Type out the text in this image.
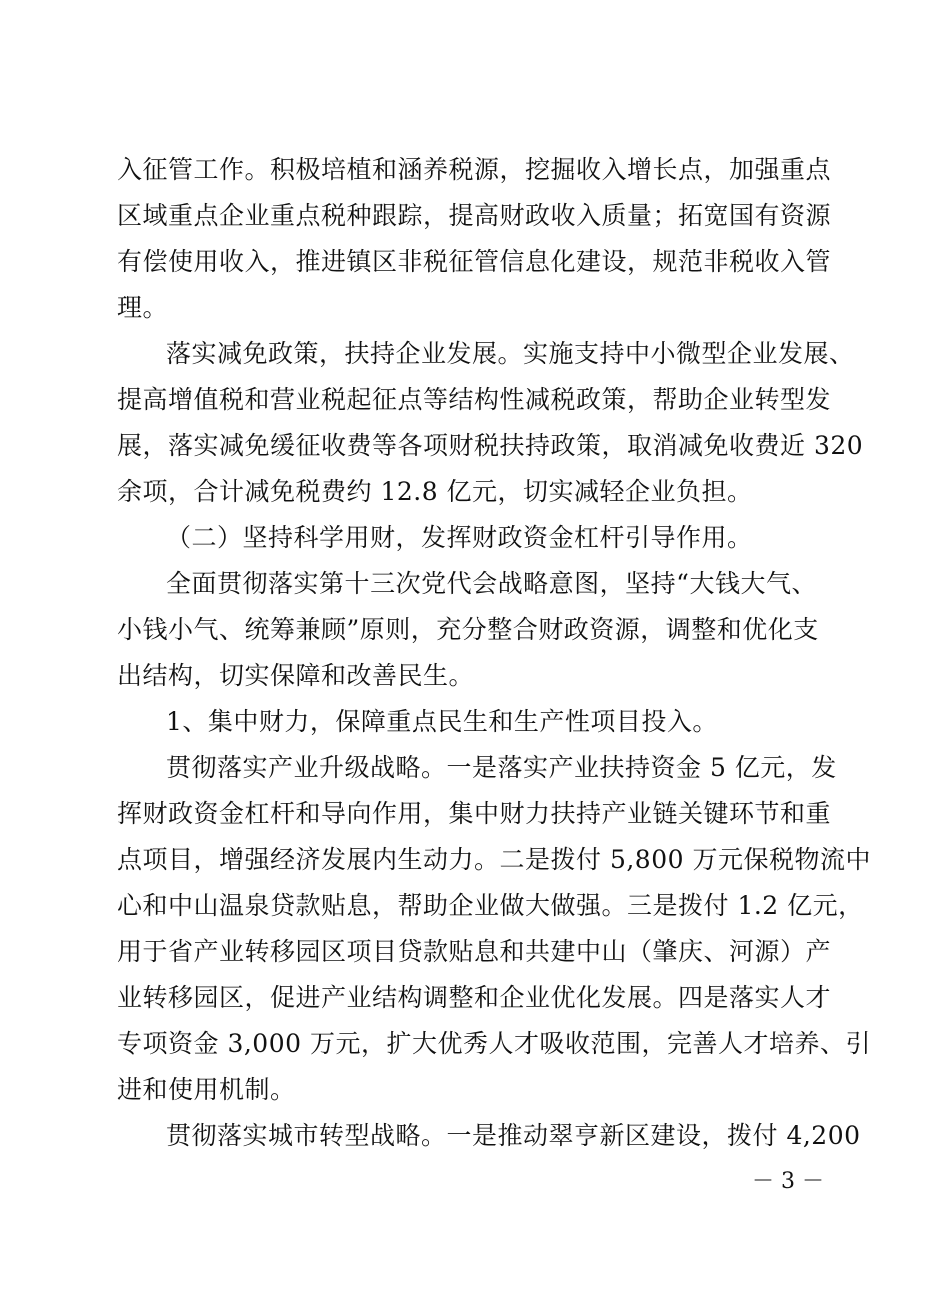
入征管工作。积极培植和涵养税源，挖掘收入增长点，加强重点
区域重点企业重点税种跟踪，提高财政收入质量；拓宽国有资源
有偿使用收入，推进镇区非税征管信息化建设，规范非税收入管
理。
落实减免政策，扶持企业发展。实施支持中小微型企业发展、
提高增值税和营业税起征点等结构性减税政策，帮助企业转型发
展，落实减免缓征收费等各项财税扶持政策，取消减免收费近 320
余项，合计减免税费约 12.8 亿元，切实减轻企业负担。
（二）坚持科学用财，发挥财政资金杠杆引导作用。
全面贯彻落实第十三次党代会战略意图，坚持“大钱大气、
小钱小气、统筹兼顾”原则，充分整合财政资源，调整和优化支
出结构，切实保障和改善民生。
1、集中财力，保障重点民生和生产性项目投入。
贯彻落实产业升级战略。一是落实产业扶持资金 5 亿元，发
挥财政资金杠杆和导向作用，集中财力扶持产业链关键环节和重
点项目，增强经济发展内生动力。二是拨付 5,800 万元保税物流中
心和中山温泉贷款贴息，帮助企业做大做强。三是拨付 1.2 亿元，
用于省产业转移园区项目贷款贴息和共建中山（肇庆、河源）产
业转移园区，促进产业结构调整和企业优化发展。四是落实人才
专项资金 3,000 万元，扩大优秀人才吸收范围，完善人才培养、引
进和使用机制。
贯彻落实城市转型战略。一是推动翠亨新区建设，拨付 4,200
－ 3 －
